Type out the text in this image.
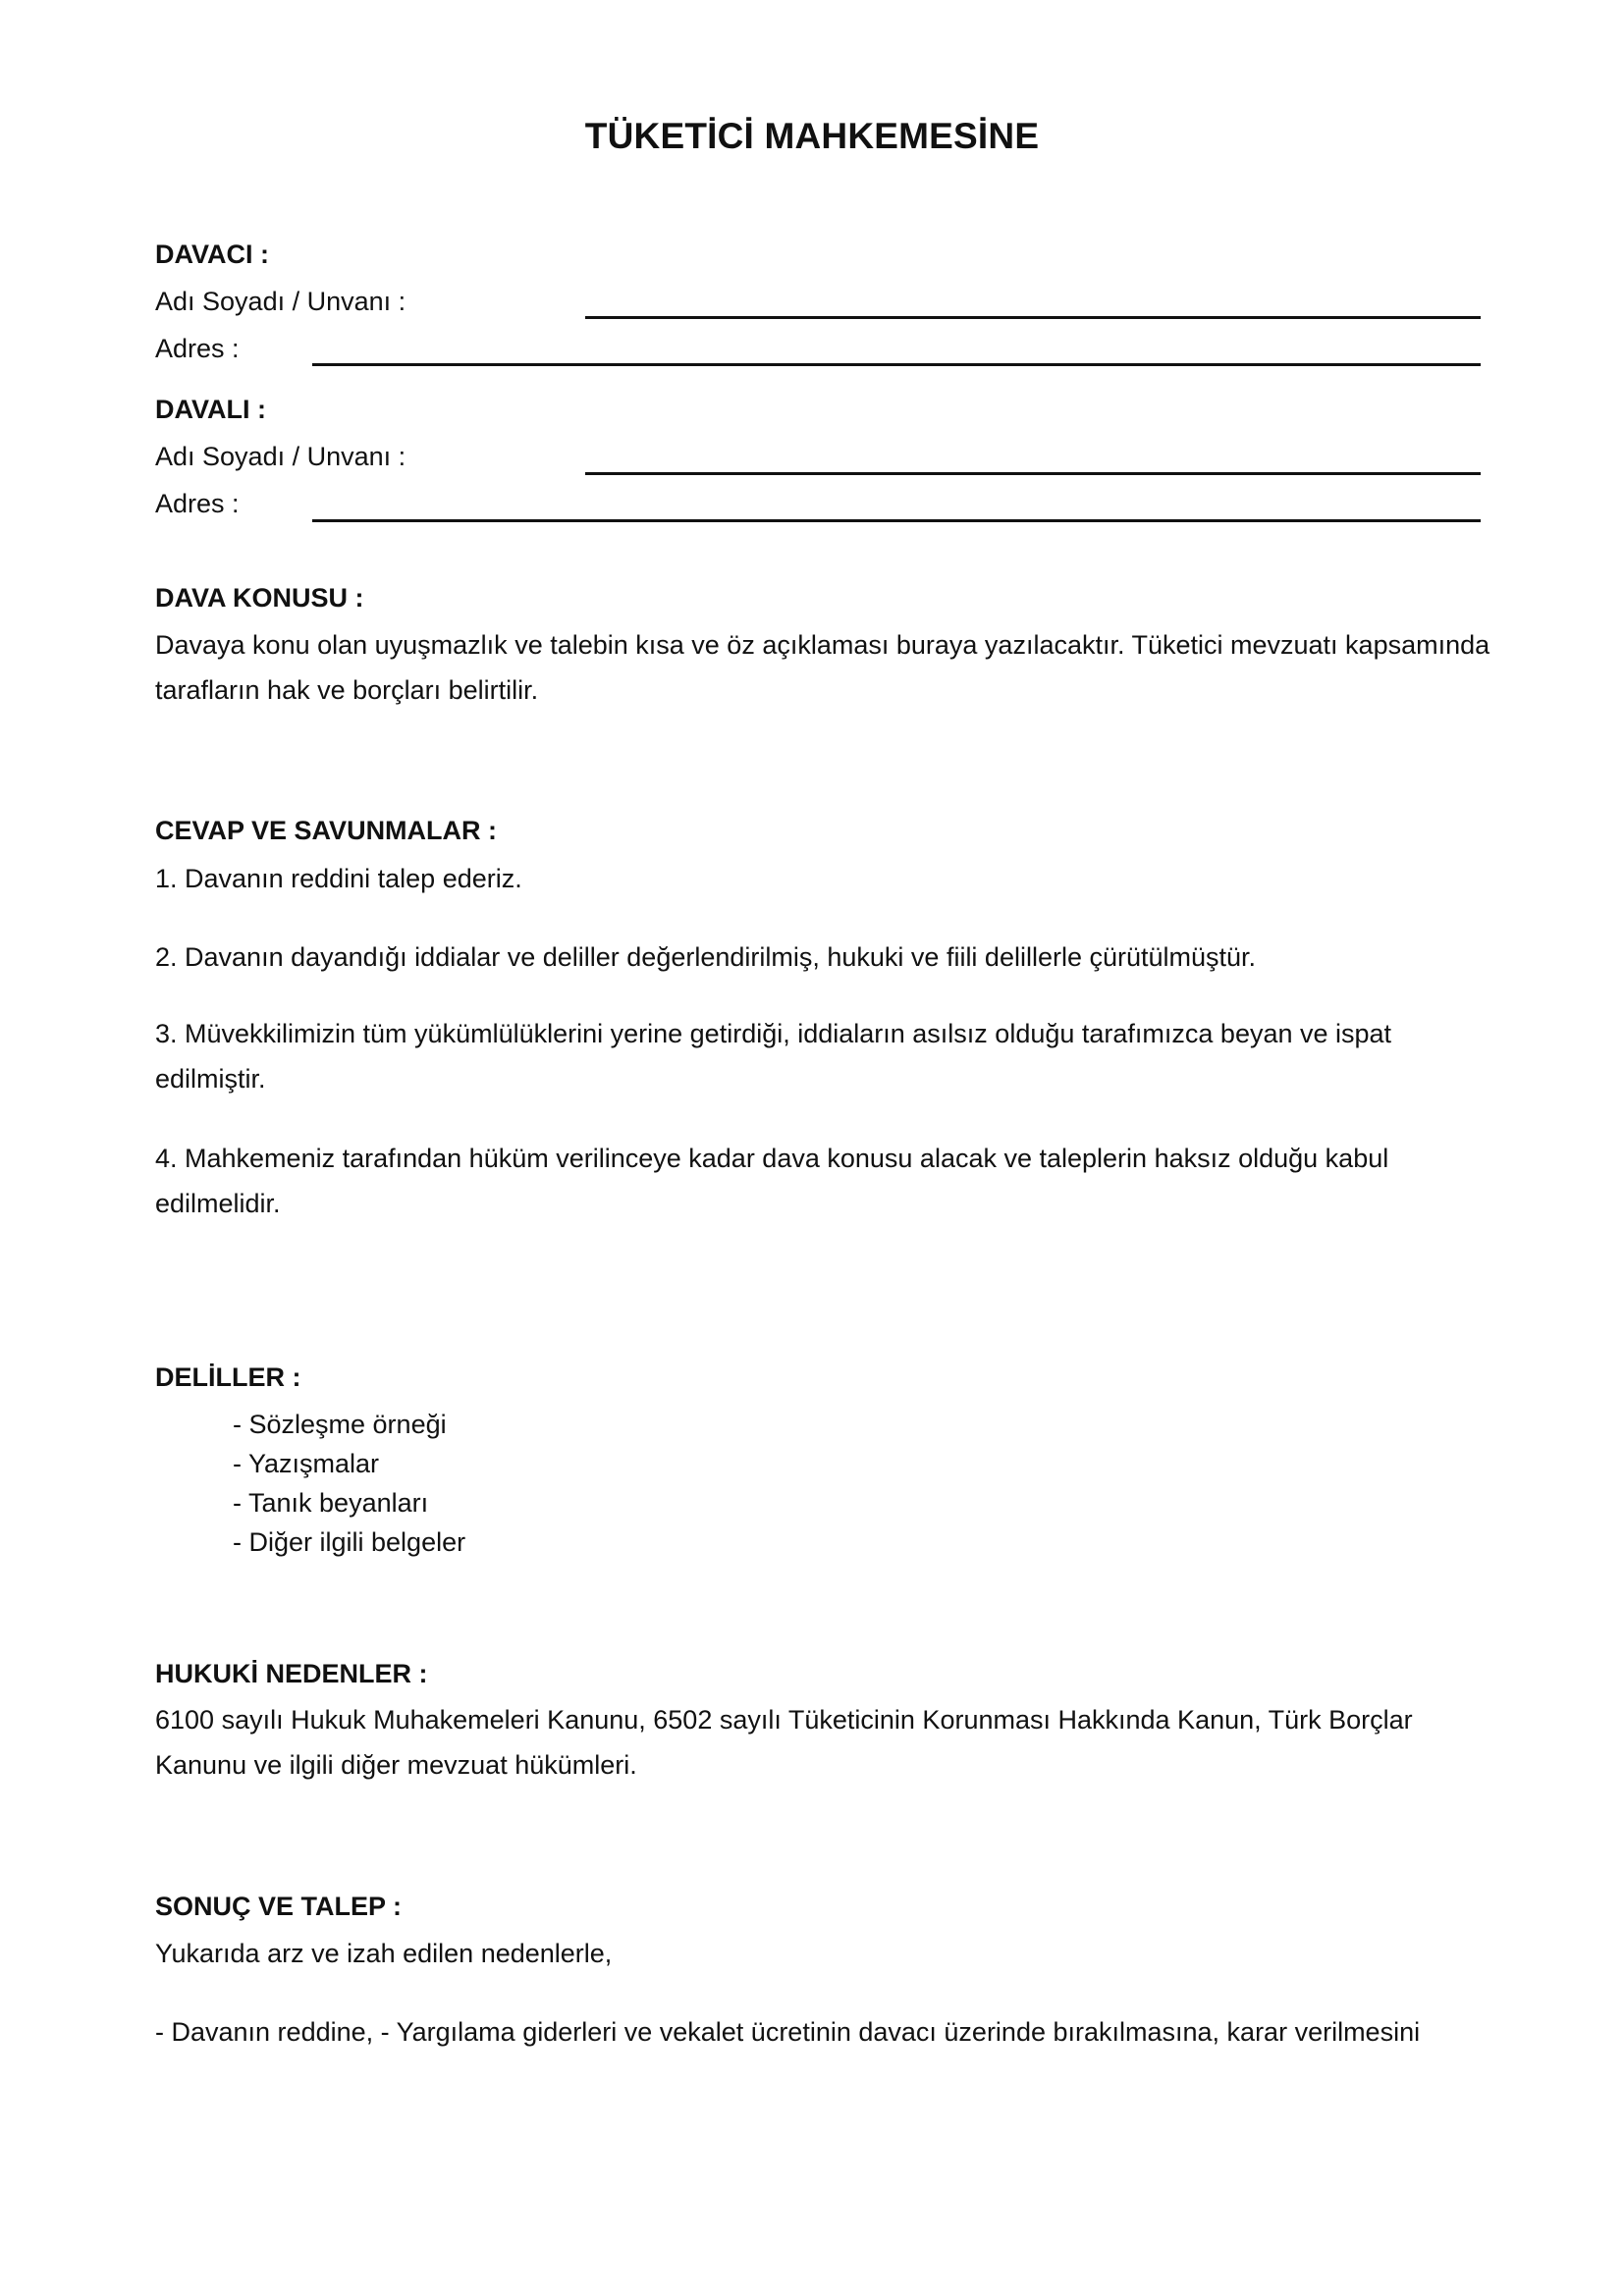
TÜKETİCİ MAHKEMESİNE
DAVACI :
Adı Soyadı / Unvanı :
Adres :
DAVALI :
Adı Soyadı / Unvanı :
Adres :
DAVA KONUSU :
Davaya konu olan uyuşmazlık ve talebin kısa ve öz açıklaması buraya yazılacaktır. Tüketici mevzuatı kapsamında tarafların hak ve borçları belirtilir.
CEVAP VE SAVUNMALAR :
1. Davanın reddini talep ederiz.
2. Davanın dayandığı iddialar ve deliller değerlendirilmiş, hukuki ve fiili delillerle çürütülmüştür.
3. Müvekkilimizin tüm yükümlülüklerini yerine getirdiği, iddiaların asılsız olduğu tarafımızca beyan ve ispat edilmiştir.
4. Mahkemeniz tarafından hüküm verilinceye kadar dava konusu alacak ve taleplerin haksız olduğu kabul edilmelidir.
DELİLLER :
- Sözleşme örneği
- Yazışmalar
- Tanık beyanları
- Diğer ilgili belgeler
HUKUKİ NEDENLER :
6100 sayılı Hukuk Muhakemeleri Kanunu, 6502 sayılı Tüketicinin Korunması Hakkında Kanun, Türk Borçlar Kanunu ve ilgili diğer mevzuat hükümleri.
SONUÇ VE TALEP :
Yukarıda arz ve izah edilen nedenlerle,
- Davanın reddine, - Yargılama giderleri ve vekalet ücretinin davacı üzerinde bırakılmasına, karar verilmesini
